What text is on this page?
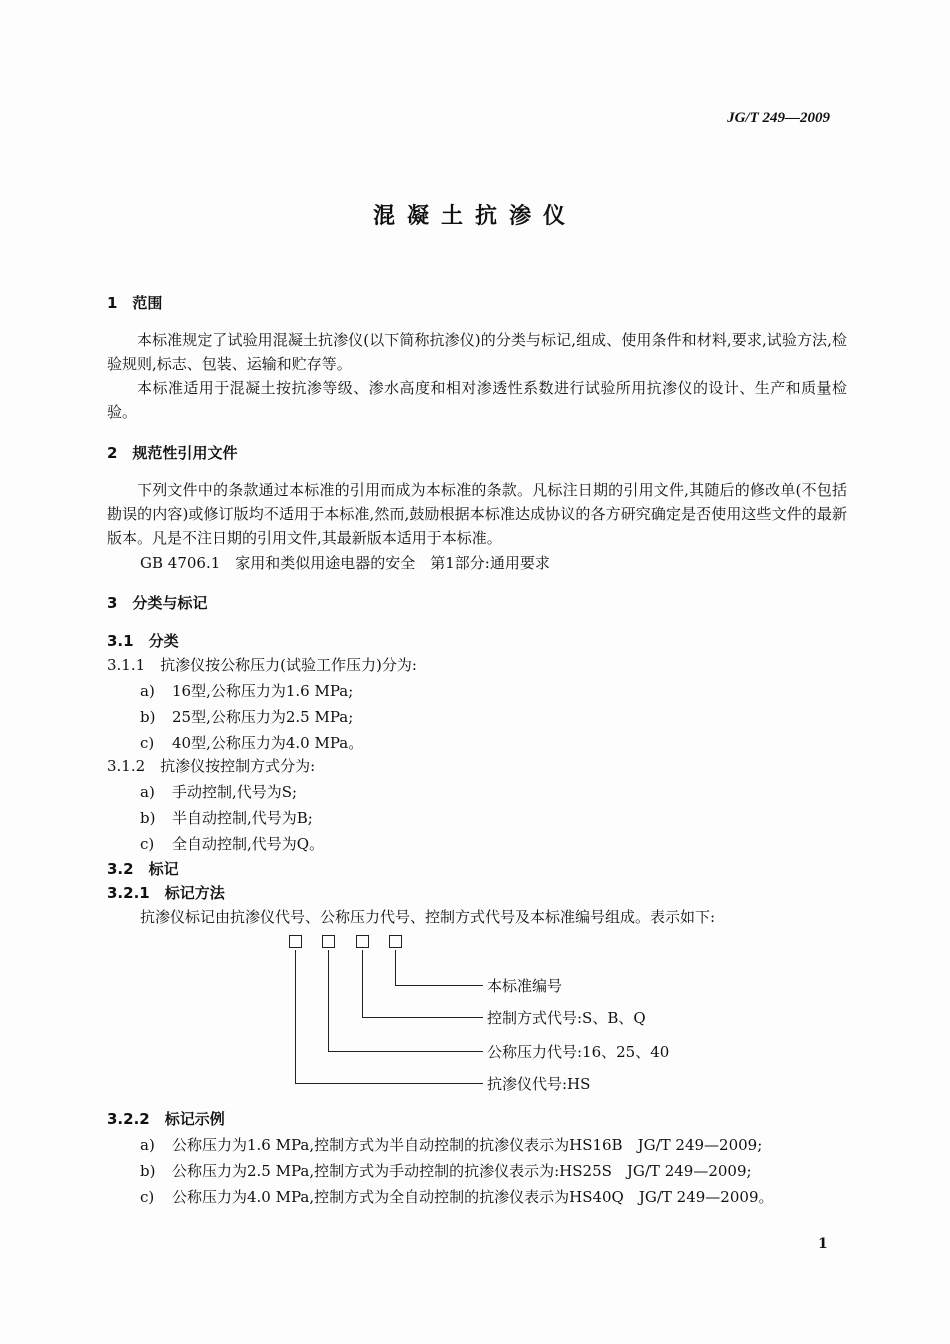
JG/T 249—2009
混凝土抗渗仪
1　范围
本标准规定了试验用混凝土抗渗仪(以下简称抗渗仪)的分类与标记,组成、使用条件和材料,要求,试验方法,检验规则,标志、包装、运输和贮存等。
本标准适用于混凝土按抗渗等级、渗水高度和相对渗透性系数进行试验所用抗渗仪的设计、生产和质量检验。
2　规范性引用文件
下列文件中的条款通过本标准的引用而成为本标准的条款。凡标注日期的引用文件,其随后的修改单(不包括勘误的内容)或修订版均不适用于本标准,然而,鼓励根据本标准达成协议的各方研究确定是否使用这些文件的最新版本。凡是不注日期的引用文件,其最新版本适用于本标准。
GB 4706.1　家用和类似用途电器的安全　第1部分:通用要求
3　分类与标记
3.1　分类
3.1.1　抗渗仪按公称压力(试验工作压力)分为:
a) 16型,公称压力为1.6 MPa;
b) 25型,公称压力为2.5 MPa;
c) 40型,公称压力为4.0 MPa。
3.1.2　抗渗仪按控制方式分为:
a) 手动控制,代号为S;
b) 半自动控制,代号为B;
c) 全自动控制,代号为Q。
3.2　标记
3.2.1　标记方法
抗渗仪标记由抗渗仪代号、公称压力代号、控制方式代号及本标准编号组成。表示如下:
本标准编号
控制方式代号:S、B、Q
公称压力代号:16、25、40
抗渗仪代号:HS
3.2.2　标记示例
a) 公称压力为1.6 MPa,控制方式为半自动控制的抗渗仪表示为HS16B　JG/T 249—2009;
b) 公称压力为2.5 MPa,控制方式为手动控制的抗渗仪表示为:HS25S　JG/T 249—2009;
c) 公称压力为4.0 MPa,控制方式为全自动控制的抗渗仪表示为HS40Q　JG/T 249—2009。
1
